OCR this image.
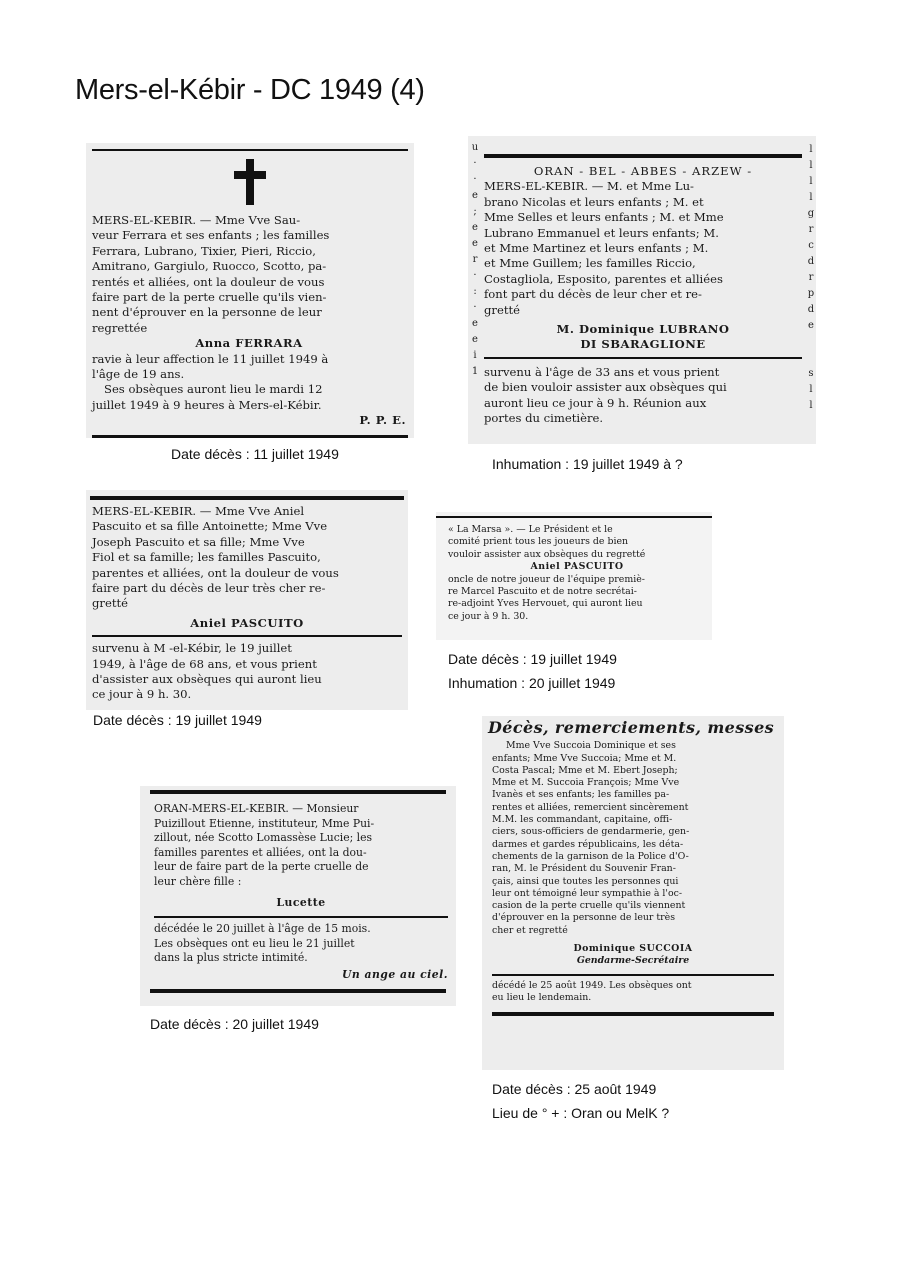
Mers-el-Kébir - DC 1949 (4)

MERS-EL-KEBIR. — Mme Vve Sau-

veur Ferrara et ses enfants ; les familles

Ferrara, Lubrano, Tixier, Pieri, Riccio,

Amitrano, Gargiulo, Ruocco, Scotto, pa-

rentés et alliées, ont la douleur de vous

faire part de la perte cruelle qu'ils vien-

nent d'éprouver en la personne de leur

regrettée

Anna FERRARA

ravie à leur affection le 11 juillet 1949 à

l'âge de 19 ans.

Ses obsèques auront lieu le mardi 12

juillet 1949 à 9 heures à Mers-el-Kébir.

P. P. E.

Date décès : 11 juillet 1949
u
·
·
e
;
e
e
r
·
:
·
e
e
i
1
l
l
l
l
g
r
c
d
r
p
d
e

s
l
l

ORAN - BEL - ABBES - ARZEW -

MERS-EL-KEBIR. — M. et Mme Lu-

brano Nicolas et leurs enfants ; M. et

Mme Selles et leurs enfants ; M. et Mme

Lubrano Emmanuel et leurs enfants; M.

et Mme Martinez et leurs enfants ; M.

et Mme Guillem; les familles Riccio,

Costagliola, Esposito, parentes et alliées

font part du décès de leur cher et re-

gretté

M. Dominique LUBRANO

DI SBARAGLIONE

survenu à l'âge de 33 ans et vous prient

de bien vouloir assister aux obsèques qui

auront lieu ce jour à 9 h. Réunion aux

portes du cimetière.

Inhumation : 19 juillet 1949 à ?

MERS-EL-KEBIR. — Mme Vve Aniel

Pascuito et sa fille Antoinette; Mme Vve

Joseph Pascuito et sa fille; Mme Vve

Fiol et sa famille; les familles Pascuito,

parentes et alliées, ont la douleur de vous

faire part du décès de leur très cher re-

gretté

Aniel PASCUITO

survenu à M -el-Kébir, le 19 juillet

1949, à l'âge de 68 ans, et vous prient

d'assister aux obsèques qui auront lieu

ce jour à 9 h. 30.

Date décès : 19 juillet 1949

« La Marsa ». — Le Président et le

comité prient tous les joueurs de bien

vouloir assister aux obsèques du regretté

Aniel PASCUITO

oncle de notre joueur de l'équipe premiè-

re Marcel Pascuito et de notre secrétai-

re-adjoint Yves Hervouet, qui auront lieu

ce jour à 9 h. 30.

Date décès : 19 juillet 1949
Inhumation : 20 juillet 1949
Décès, remerciements, messes

Mme Vve Succoia Dominique et ses

enfants; Mme Vve Succoia; Mme et M.

Costa Pascal; Mme et M. Ebert Joseph;

Mme et M. Succoia François; Mme Vve

Ivanès et ses enfants; les familles pa-

rentes et alliées, remercient sincèrement

M.M. les commandant, capitaine, offi-

ciers, sous-officiers de gendarmerie, gen-

darmes et gardes républicains, les déta-

chements de la garnison de la Police d'O-

ran, M. le Président du Souvenir Fran-

çais, ainsi que toutes les personnes qui

leur ont témoigné leur sympathie à l'oc-

casion de la perte cruelle qu'ils viennent

d'éprouver en la personne de leur très

cher et regretté

Dominique SUCCOIA

Gendarme-Secrétaire

décédé le 25 août 1949. Les obsèques ont

eu lieu le lendemain.

Date décès : 25 août 1949
Lieu de ° + : Oran ou MelK ?

ORAN-MERS-EL-KEBIR. — Monsieur

Puizillout Etienne, instituteur, Mme Pui-

zillout, née Scotto Lomassèse Lucie; les

familles parentes et alliées, ont la dou-

leur de faire part de la perte cruelle de

leur chère fille :

Lucette

décédée le 20 juillet à l'âge de 15 mois.

Les obsèques ont eu lieu le 21 juillet

dans la plus stricte intimité.

Un ange au ciel.

Date décès : 20 juillet 1949
